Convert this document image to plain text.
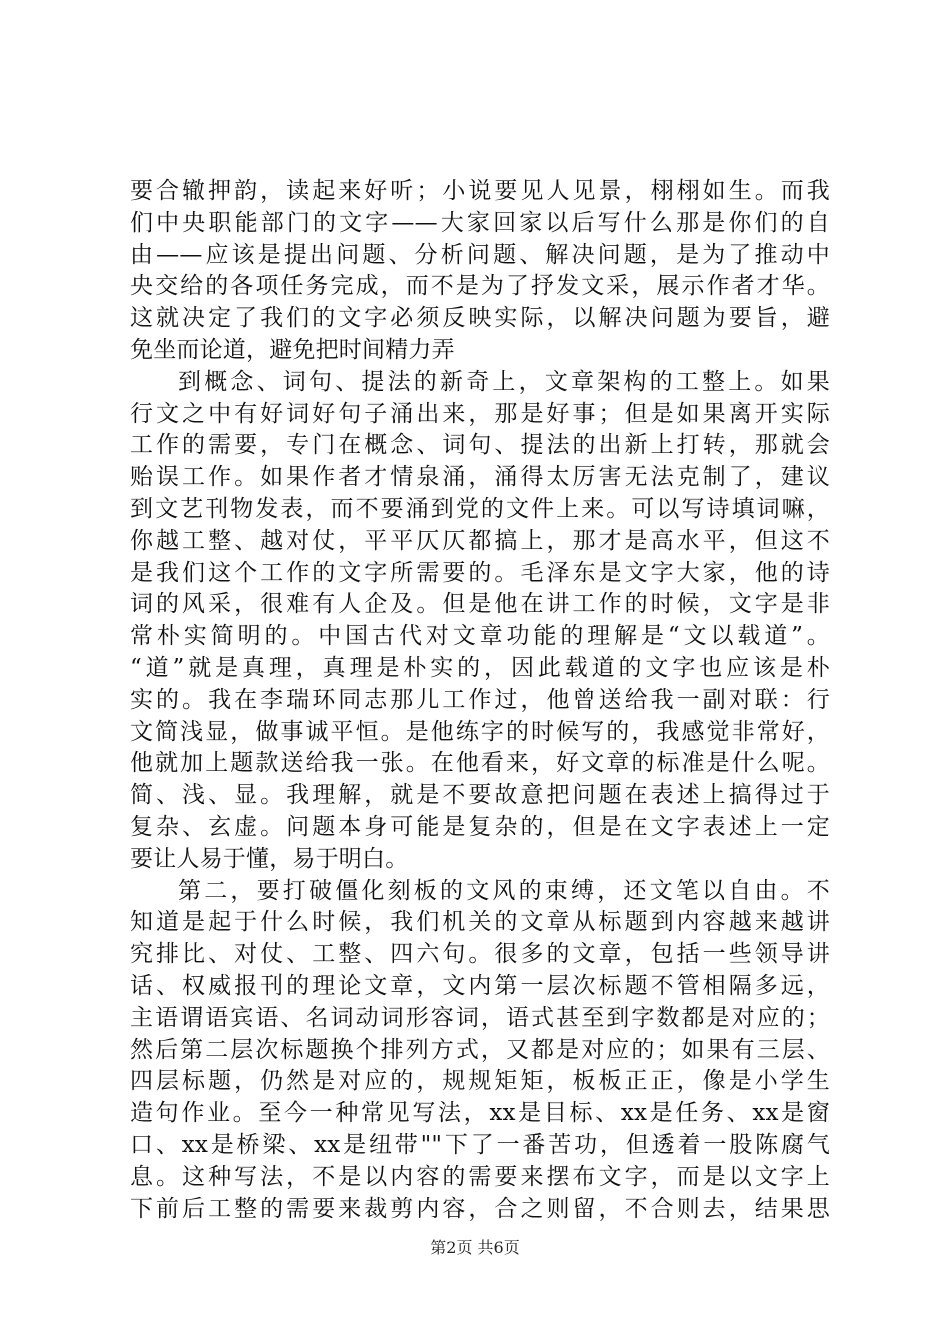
要合辙押韵，读起来好听；小说要见人见景，栩栩如生。而我
们中央职能部门的文字——大家回家以后写什么那是你们的自
由——应该是提出问题、分析问题、解决问题，是为了推动中
央交给的各项任务完成，而不是为了抒发文采，展示作者才华。
这就决定了我们的文字必须反映实际，以解决问题为要旨，避
免坐而论道，避免把时间精力弄
到概念、词句、提法的新奇上，文章架构的工整上。如果
行文之中有好词好句子涌出来，那是好事；但是如果离开实际
工作的需要，专门在概念、词句、提法的出新上打转，那就会
贻误工作。如果作者才情泉涌，涌得太厉害无法克制了，建议
到文艺刊物发表，而不要涌到党的文件上来。可以写诗填词嘛，
你越工整、越对仗，平平仄仄都搞上，那才是高水平，但这不
是我们这个工作的文字所需要的。毛泽东是文字大家，他的诗
词的风采，很难有人企及。但是他在讲工作的时候，文字是非
常朴实简明的。中国古代对文章功能的理解是“文以载道”。
“道”就是真理，真理是朴实的，因此载道的文字也应该是朴
实的。我在李瑞环同志那儿工作过，他曾送给我一副对联：行
文简浅显，做事诚平恒。是他练字的时候写的，我感觉非常好，
他就加上题款送给我一张。在他看来，好文章的标准是什么呢。
简、浅、显。我理解，就是不要故意把问题在表述上搞得过于
复杂、玄虚。问题本身可能是复杂的，但是在文字表述上一定
要让人易于懂，易于明白。
第二，要打破僵化刻板的文风的束缚，还文笔以自由。不
知道是起于什么时候，我们机关的文章从标题到内容越来越讲
究排比、对仗、工整、四六句。很多的文章，包括一些领导讲
话、权威报刊的理论文章，文内第一层次标题不管相隔多远，
主语谓语宾语、名词动词形容词，语式甚至到字数都是对应的；
然后第二层次标题换个排列方式，又都是对应的；如果有三层、
四层标题，仍然是对应的，规规矩矩，板板正正，像是小学生
造句作业。至今一种常见写法，xx是目标、xx是任务、xx是窗
口、xx是桥梁、xx是纽带""下了一番苦功，但透着一股陈腐气
息。这种写法，不是以内容的需要来摆布文字，而是以文字上
下前后工整的需要来裁剪内容，合之则留，不合则去，结果思
第2页 共6页
